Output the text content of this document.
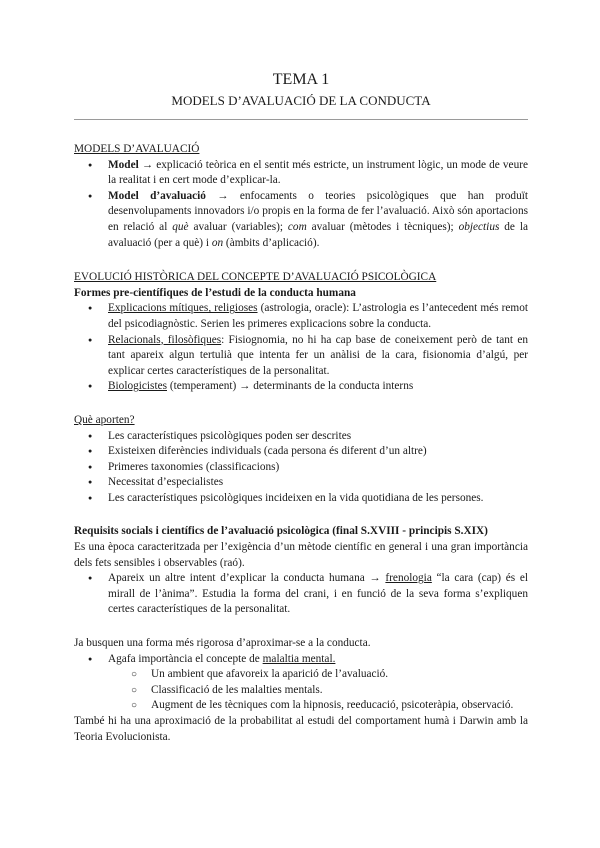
TEMA 1
MODELS D’AVALUACIÓ DE LA CONDUCTA

MODELS D’AVALUACIÓ

● Model → explicació teòrica en el sentit més estricte, un instrument lògic, un mode de veure la realitat i en cert mode d’explicar-la.
● Model d’avaluació → enfocaments o teories psicològiques que han produït desenvolupaments innovadors i/o propis en la forma de fer l’avaluació. Això són aportacions en relació al què avaluar (variables); com avaluar (mètodes i tècniques); objectius de la avaluació (per a què) i on (àmbits d’aplicació).

EVOLUCIÓ HISTÒRICA DEL CONCEPTE D’AVALUACIÓ PSICOLÒGICA

Formes pre-científiques de l’estudi de la conducta humana

● Explicacions mítiques, religioses (astrologia, oracle): L’astrologia es l’antecedent més remot del psicodiagnòstic. Serien les primeres explicacions sobre la conducta.
● Relacionals, filosòfiques: Fisiognomia, no hi ha cap base de coneixement però de tant en tant apareix algun tertulià que intenta fer un anàlisi de la cara, fisionomia d’algú, per explicar certes característiques de la personalitat.
● Biologicistes (temperament) → determinants de la conducta interns

Què aporten?

● Les característiques psicològiques poden ser descrites
● Existeixen diferències individuals (cada persona és diferent d’un altre)
● Primeres taxonomies (classificacions)
● Necessitat d’especialistes
● Les característiques psicològiques incideixen en la vida quotidiana de les persones.

Requisits socials i científics de l’avaluació psicològica (final S.XVIII - principis S.XIX)

Es una època caracteritzada per l’exigència d’un mètode científic en general i una gran importància dels fets sensibles i observables (raó).

● Apareix un altre intent d’explicar la conducta humana → frenologia “la cara (cap) és el mirall de l’ànima”. Estudia la forma del crani, i en funció de la seva forma s’expliquen certes característiques de la personalitat.

Ja busquen una forma més rigorosa d’aproximar-se a la conducta.

● Agafa importància el concepte de malaltia mental.
○ Un ambient que afavoreix la aparició de l’avaluació.
○ Classificació de les malalties mentals.
○ Augment de les tècniques com la hipnosis, reeducació, psicoteràpia, observació.

També hi ha una aproximació de la probabilitat al estudi del comportament humà i Darwin amb la Teoria Evolucionista.
